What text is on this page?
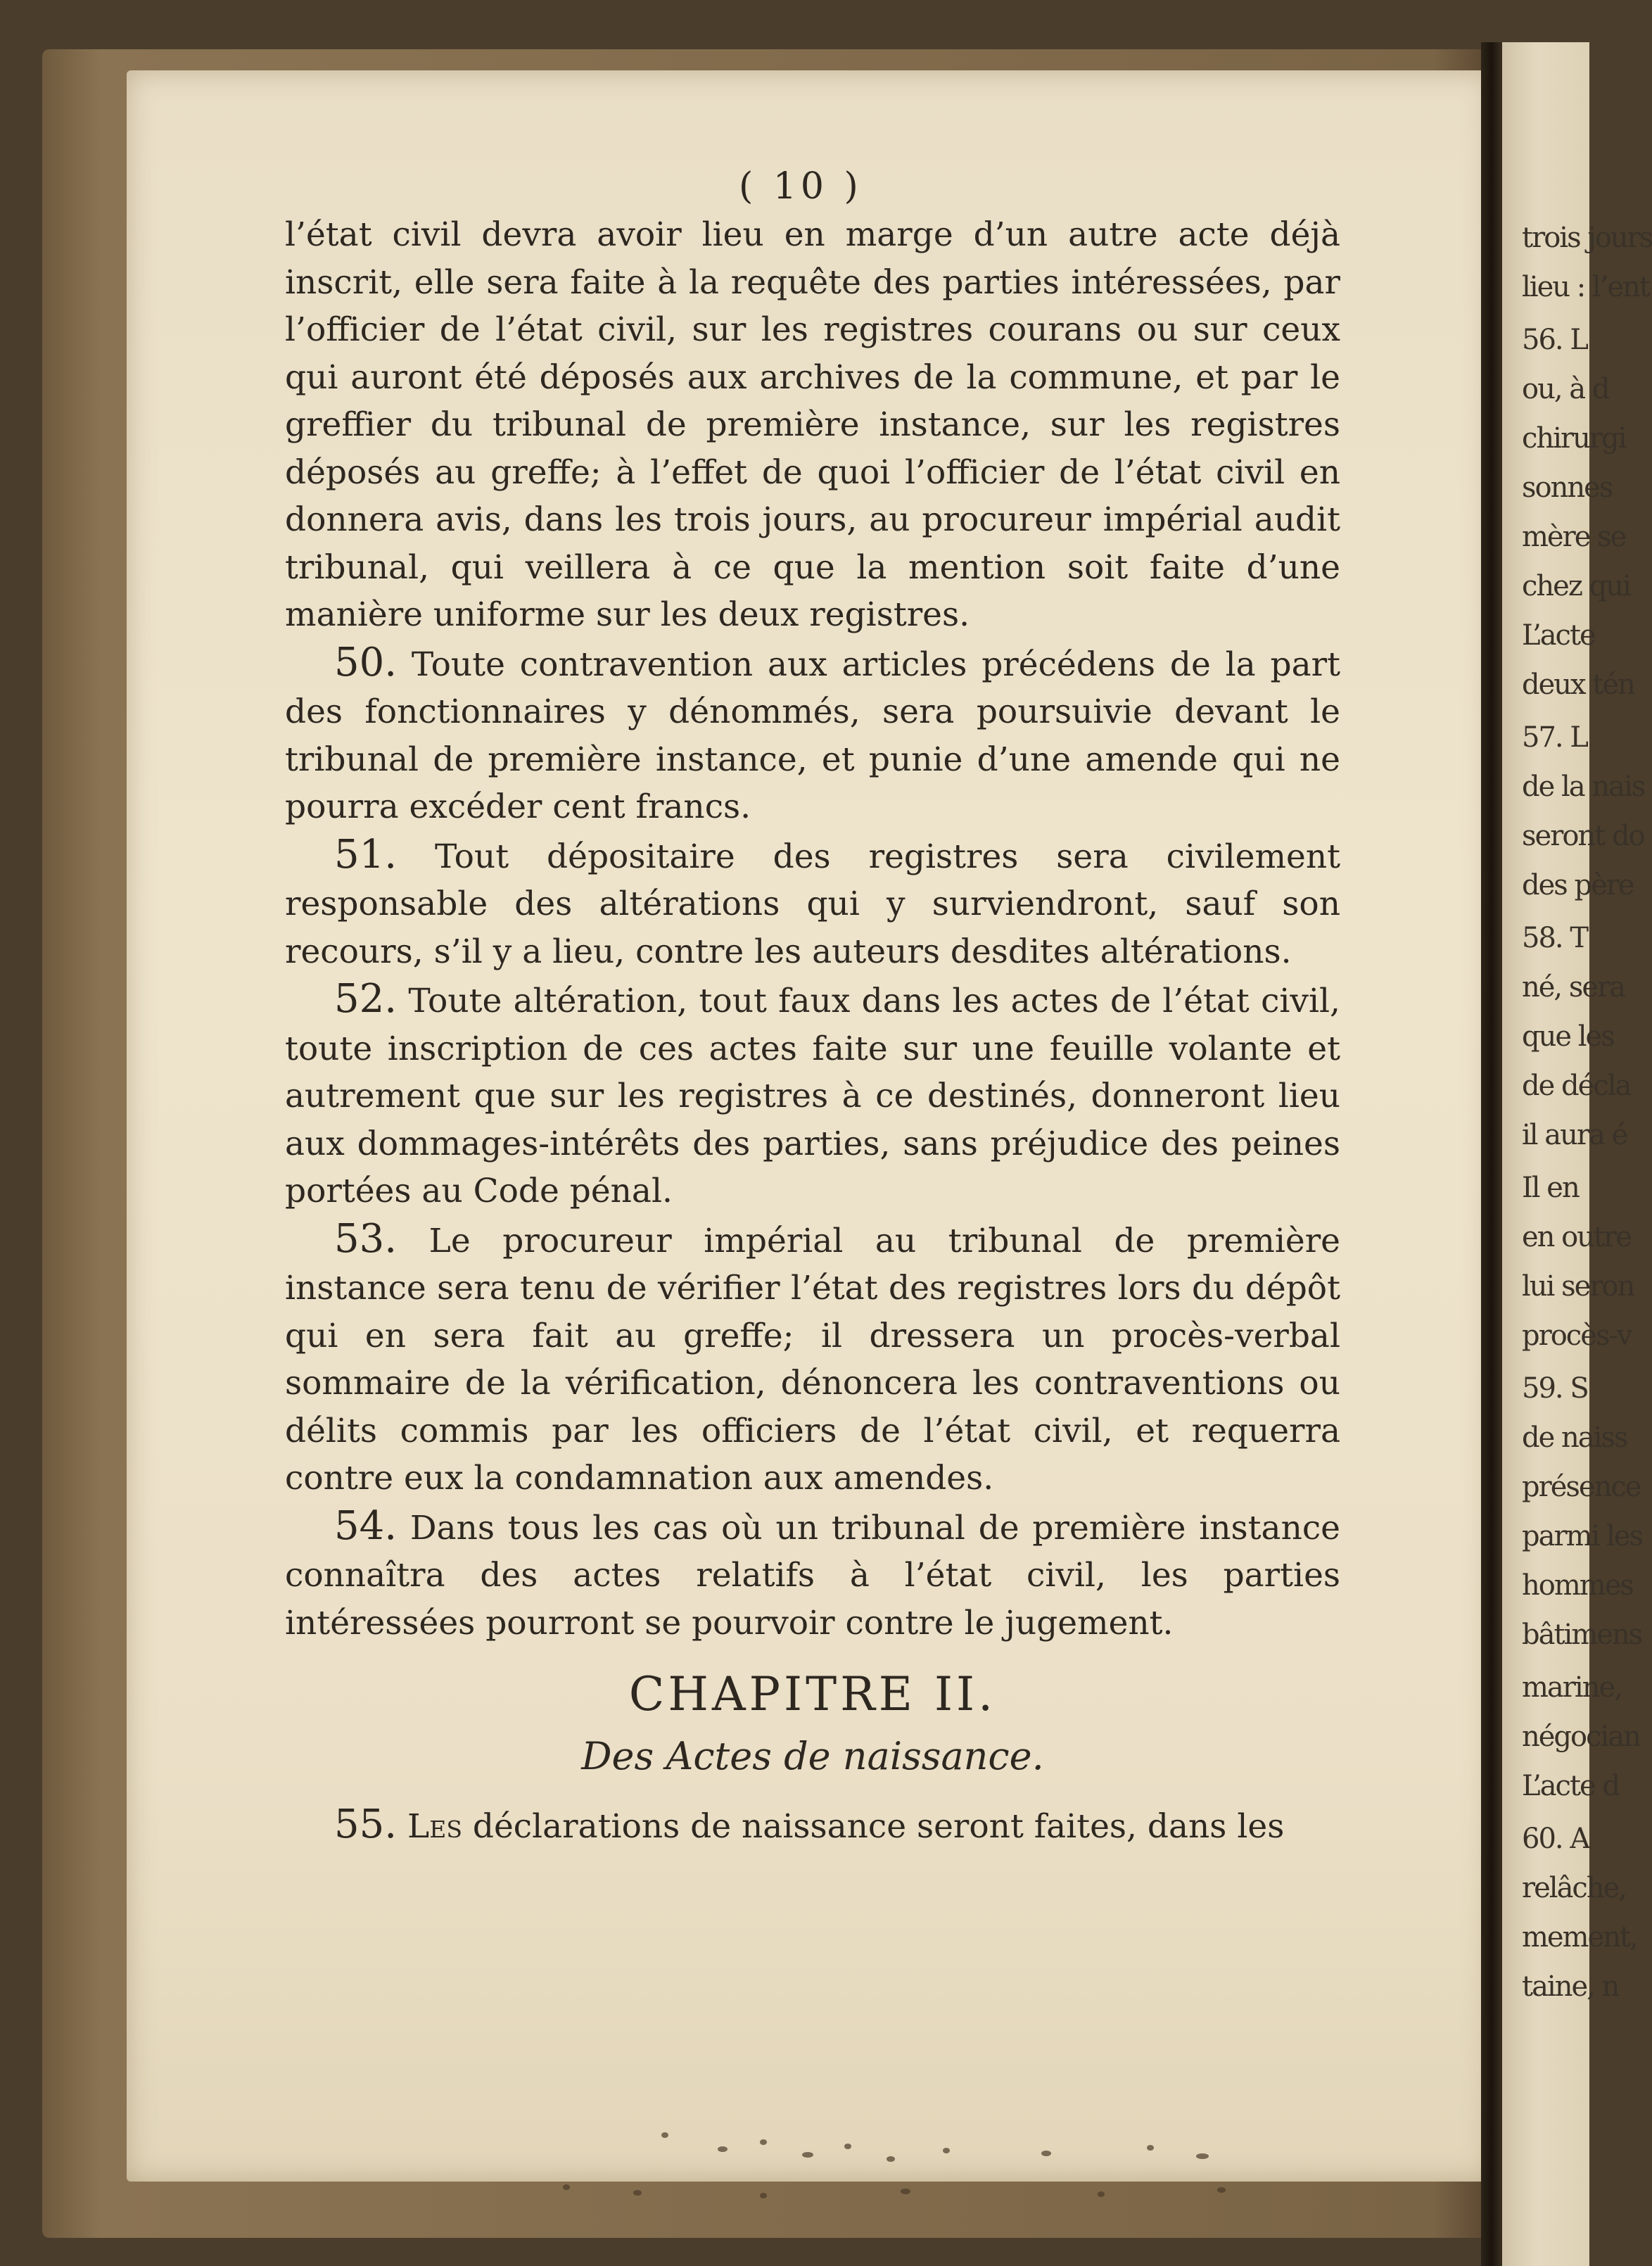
trois jours
lieu : l’ent
56. L
ou, à d
chirurgi
sonnes
mère se
chez qui
L’acte
deux tén
57. L
de la nais
seront do
des père
58. T
né, sera
que les
de décla
il aura é
Il en
en outre
lui seron
procès-v
59. S
de naiss
présence
parmi les
hommes
bâtimens
marine,
négocian
L’acte d
60. A
relâche,
mement,
taine, n
( 10 )

l’état civil devra avoir lieu en marge d’un autre acte déjà inscrit, elle sera faite à la requête des parties intéressées, par l’officier de l’état civil, sur les registres courans ou sur ceux qui auront été déposés aux archives de la commune, et par le greffier du tribunal de première instance, sur les registres déposés au greffe; à l’effet de quoi l’officier de l’état civil en donnera avis, dans les trois jours, au procureur impérial audit tribunal, qui veillera à ce que la mention soit faite d’une manière uniforme sur les deux registres.

50. Toute contravention aux articles précédens de la part des fonctionnaires y dénommés, sera poursuivie devant le tribunal de première instance, et punie d’une amende qui ne pourra excéder cent francs.

51. Tout dépositaire des registres sera civilement responsable des altérations qui y surviendront, sauf son recours, s’il y a lieu, contre les auteurs desdites altérations.

52. Toute altération, tout faux dans les actes de l’état civil, toute inscription de ces actes faite sur une feuille volante et autrement que sur les registres à ce destinés, donneront lieu aux dommages-intérêts des parties, sans préjudice des peines portées au Code pénal.

53. Le procureur impérial au tribunal de première instance sera tenu de vérifier l’état des registres lors du dépôt qui en sera fait au greffe; il dressera un procès-verbal sommaire de la vérification, dénoncera les contraventions ou délits commis par les officiers de l’état civil, et requerra contre eux la condamnation aux amendes.

54. Dans tous les cas où un tribunal de première instance connaîtra des actes relatifs à l’état civil, les parties intéressées pourront se pourvoir contre le jugement.

CHAPITRE II.
Des Actes de naissance.

55. Les déclarations de naissance seront faites, dans les
